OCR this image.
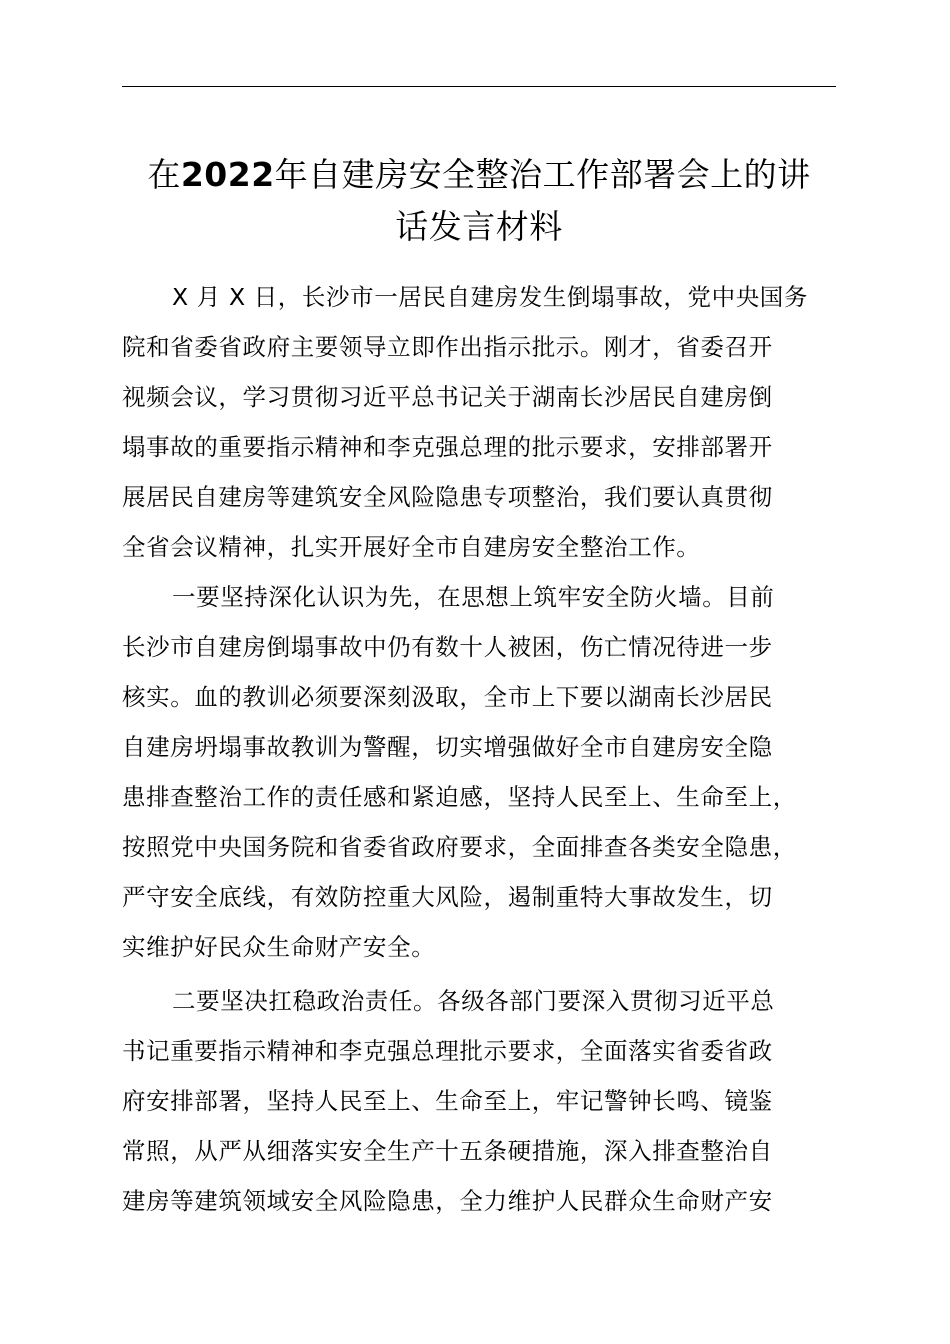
在2022年自建房安全整治工作部署会上的讲
话发言材料
X 月 X 日，长沙市一居民自建房发生倒塌事故，党中央国务
院和省委省政府主要领导立即作出指示批示。刚才，省委召开
视频会议，学习贯彻习近平总书记关于湖南长沙居民自建房倒
塌事故的重要指示精神和李克强总理的批示要求，安排部署开
展居民自建房等建筑安全风险隐患专项整治，我们要认真贯彻
全省会议精神，扎实开展好全市自建房安全整治工作。
一要坚持深化认识为先，在思想上筑牢安全防火墙。目前
长沙市自建房倒塌事故中仍有数十人被困，伤亡情况待进一步
核实。血的教训必须要深刻汲取，全市上下要以湖南长沙居民
自建房坍塌事故教训为警醒，切实增强做好全市自建房安全隐
患排查整治工作的责任感和紧迫感，坚持人民至上、生命至上，
按照党中央国务院和省委省政府要求，全面排查各类安全隐患，
严守安全底线，有效防控重大风险，遏制重特大事故发生，切
实维护好民众生命财产安全。
二要坚决扛稳政治责任。各级各部门要深入贯彻习近平总
书记重要指示精神和李克强总理批示要求，全面落实省委省政
府安排部署，坚持人民至上、生命至上，牢记警钟长鸣、镜鉴
常照，从严从细落实安全生产十五条硬措施，深入排查整治自
建房等建筑领域安全风险隐患，全力维护人民群众生命财产安
